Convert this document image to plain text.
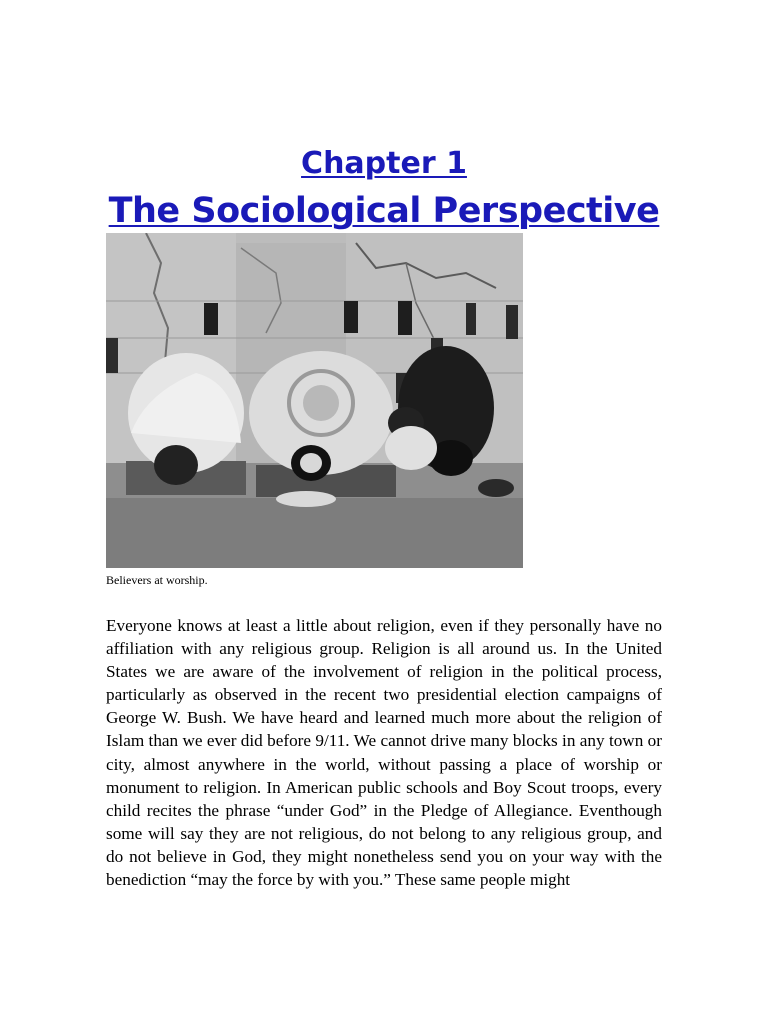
Chapter 1
The Sociological Perspective

Believers at worship.

Everyone knows at least a little about religion, even if they personally have no affiliation with any religious group. Religion is all around us. In the United States we are aware of the involvement of religion in the political process, particularly as observed in the recent two presidential election campaigns of George W. Bush. We have heard and learned much more about the religion of Islam than we ever did before 9/11. We cannot drive many blocks in any town or city, almost anywhere in the world, without passing a place of worship or monument to religion. In American public schools and Boy Scout troops, every child recites the phrase “under God” in the Pledge of Allegiance. Eventhough some will say they are not religious, do not belong to any religious group, and do not believe in God, they might nonetheless send you on your way with the benediction “may the force by with you.” These same people might
